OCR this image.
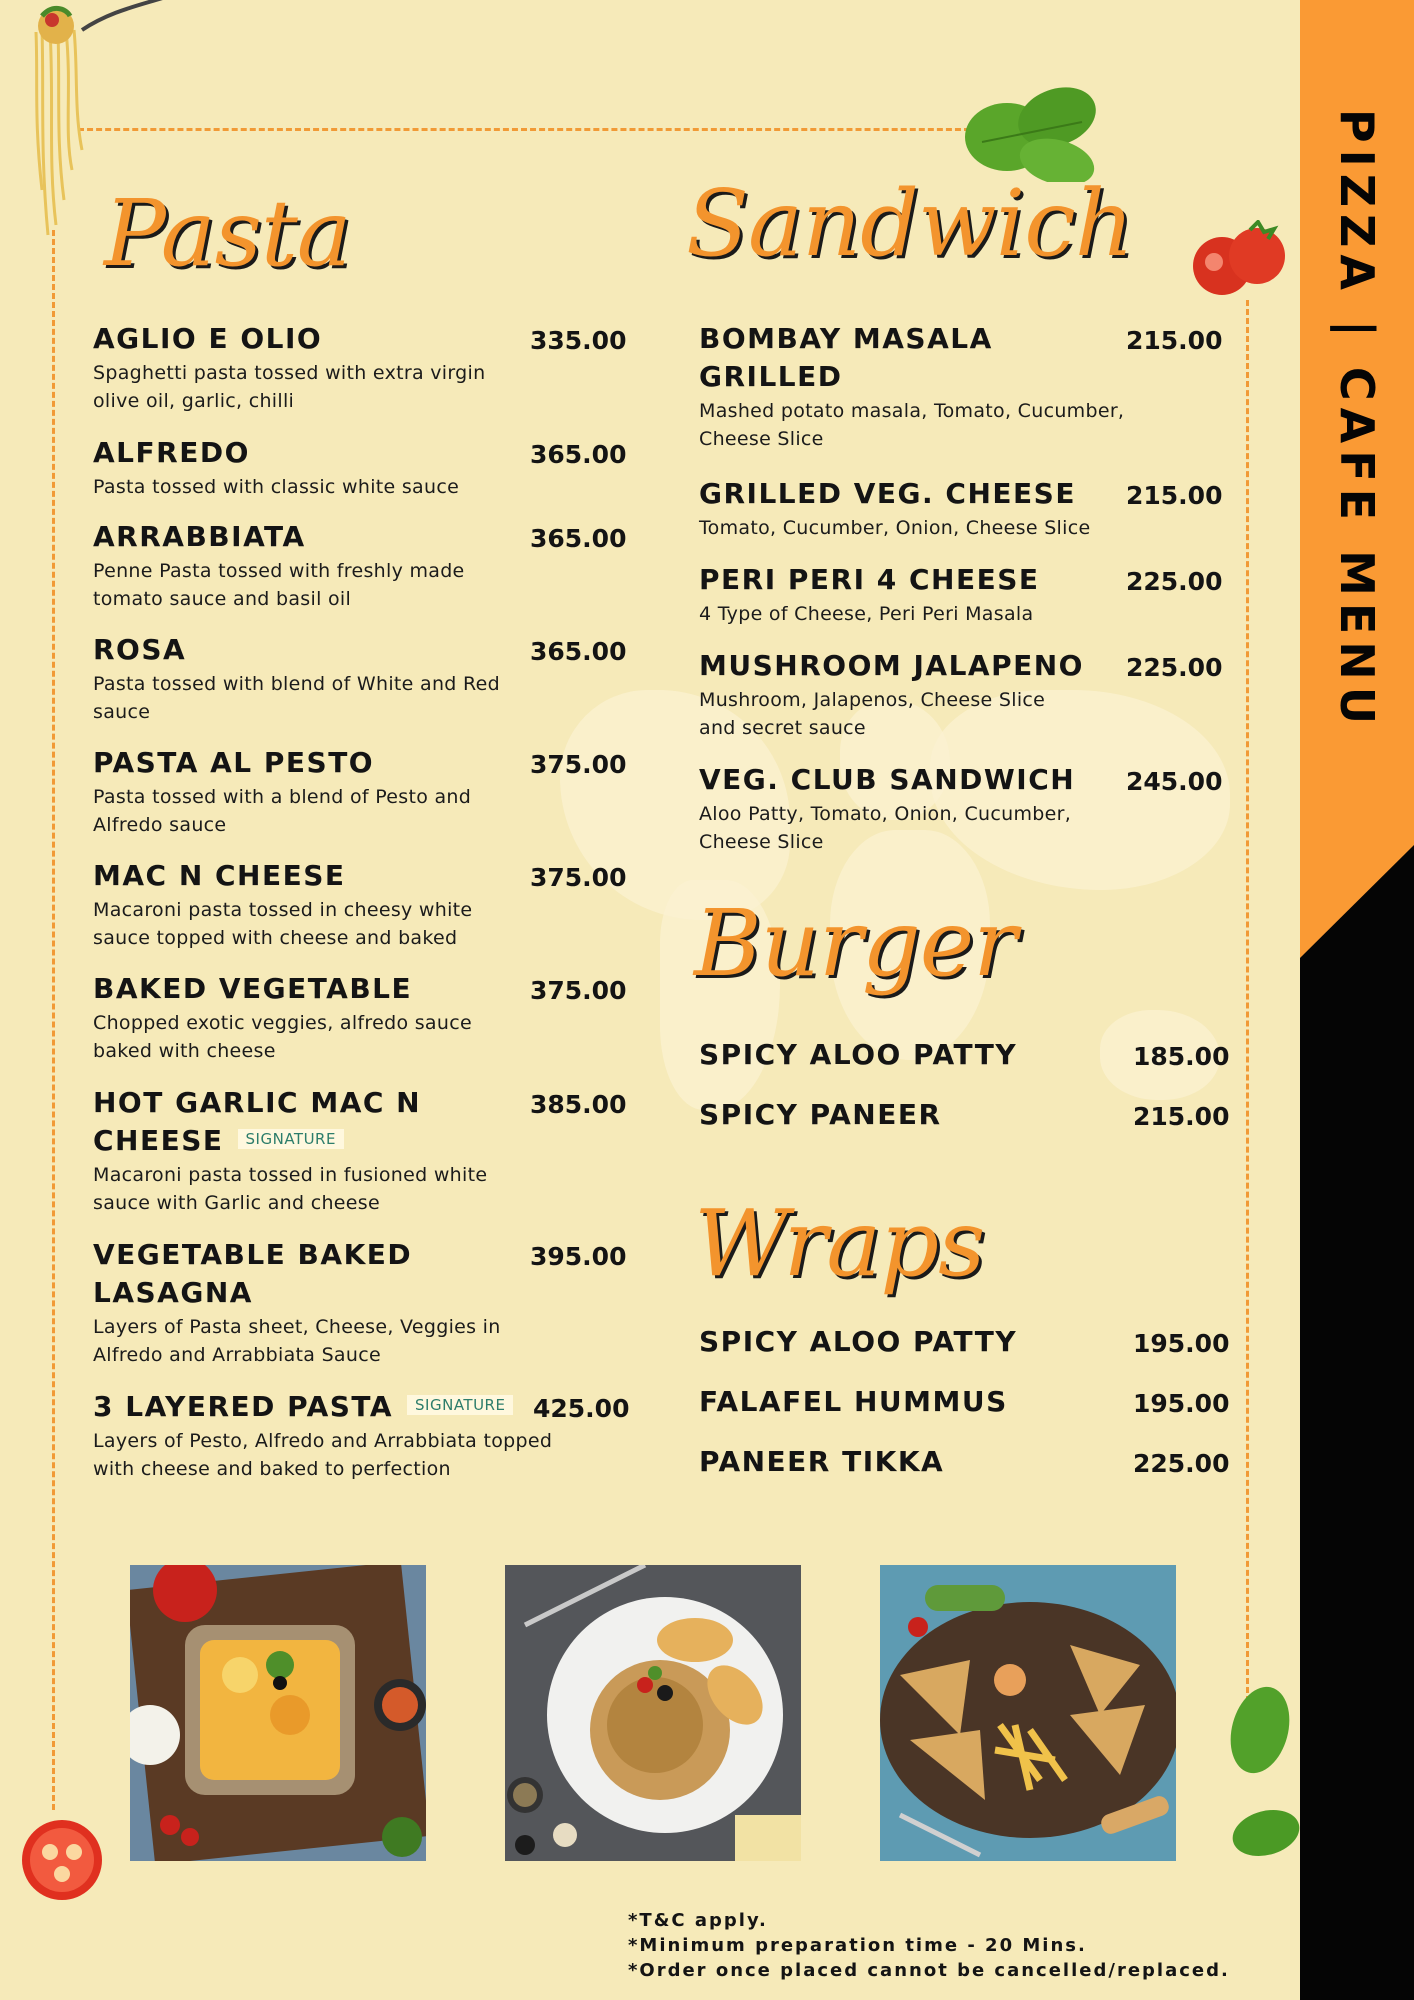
PIZZA | CAFE MENU
Pasta	Sandwich
Burger
Wraps
AGLIO E OLIO
Spaghetti pasta tossed with extra virgin olive oil, garlic, chilli
335.00
ALFREDO
Pasta tossed with classic white sauce
365.00
ARRABBIATA
Penne Pasta tossed with freshly made tomato sauce and basil oil
365.00
ROSA
Pasta tossed with blend of White and Red sauce
365.00
PASTA AL PESTO
Pasta tossed with a blend of Pesto and Alfredo sauce
375.00
MAC N CHEESE
Macaroni pasta tossed in cheesy white sauce topped with cheese and baked
375.00
BAKED VEGETABLE
Chopped exotic veggies, alfredo sauce baked with cheese
375.00
HOT GARLIC MAC N CHEESE SIGNATURE
Macaroni pasta tossed in fusioned white sauce with Garlic and cheese
385.00
VEGETABLE BAKED LASAGNA
Layers of Pasta sheet, Cheese, Veggies in Alfredo and Arrabbiata Sauce
395.00
3 LAYERED PASTA SIGNATURE
Layers of Pesto, Alfredo and Arrabbiata topped with cheese and baked to perfection
425.00
BOMBAY MASALA GRILLED
Mashed potato masala, Tomato, Cucumber, Cheese Slice
215.00
GRILLED VEG. CHEESE
Tomato, Cucumber, Onion, Cheese Slice
215.00
PERI PERI 4 CHEESE
4 Type of Cheese, Peri Peri Masala
225.00
MUSHROOM JALAPENO
Mushroom, Jalapenos, Cheese Slice and secret sauce
225.00
VEG. CLUB SANDWICH
Aloo Patty, Tomato, Onion, Cucumber, Cheese Slice
245.00
SPICY ALOO PATTY	185.00
SPICY PANEER	215.00
SPICY ALOO PATTY	195.00
FALAFEL HUMMUS	195.00
PANEER TIKKA	225.00
*T&C apply.
*Minimum preparation time - 20 Mins.
*Order once placed cannot be cancelled/replaced.
